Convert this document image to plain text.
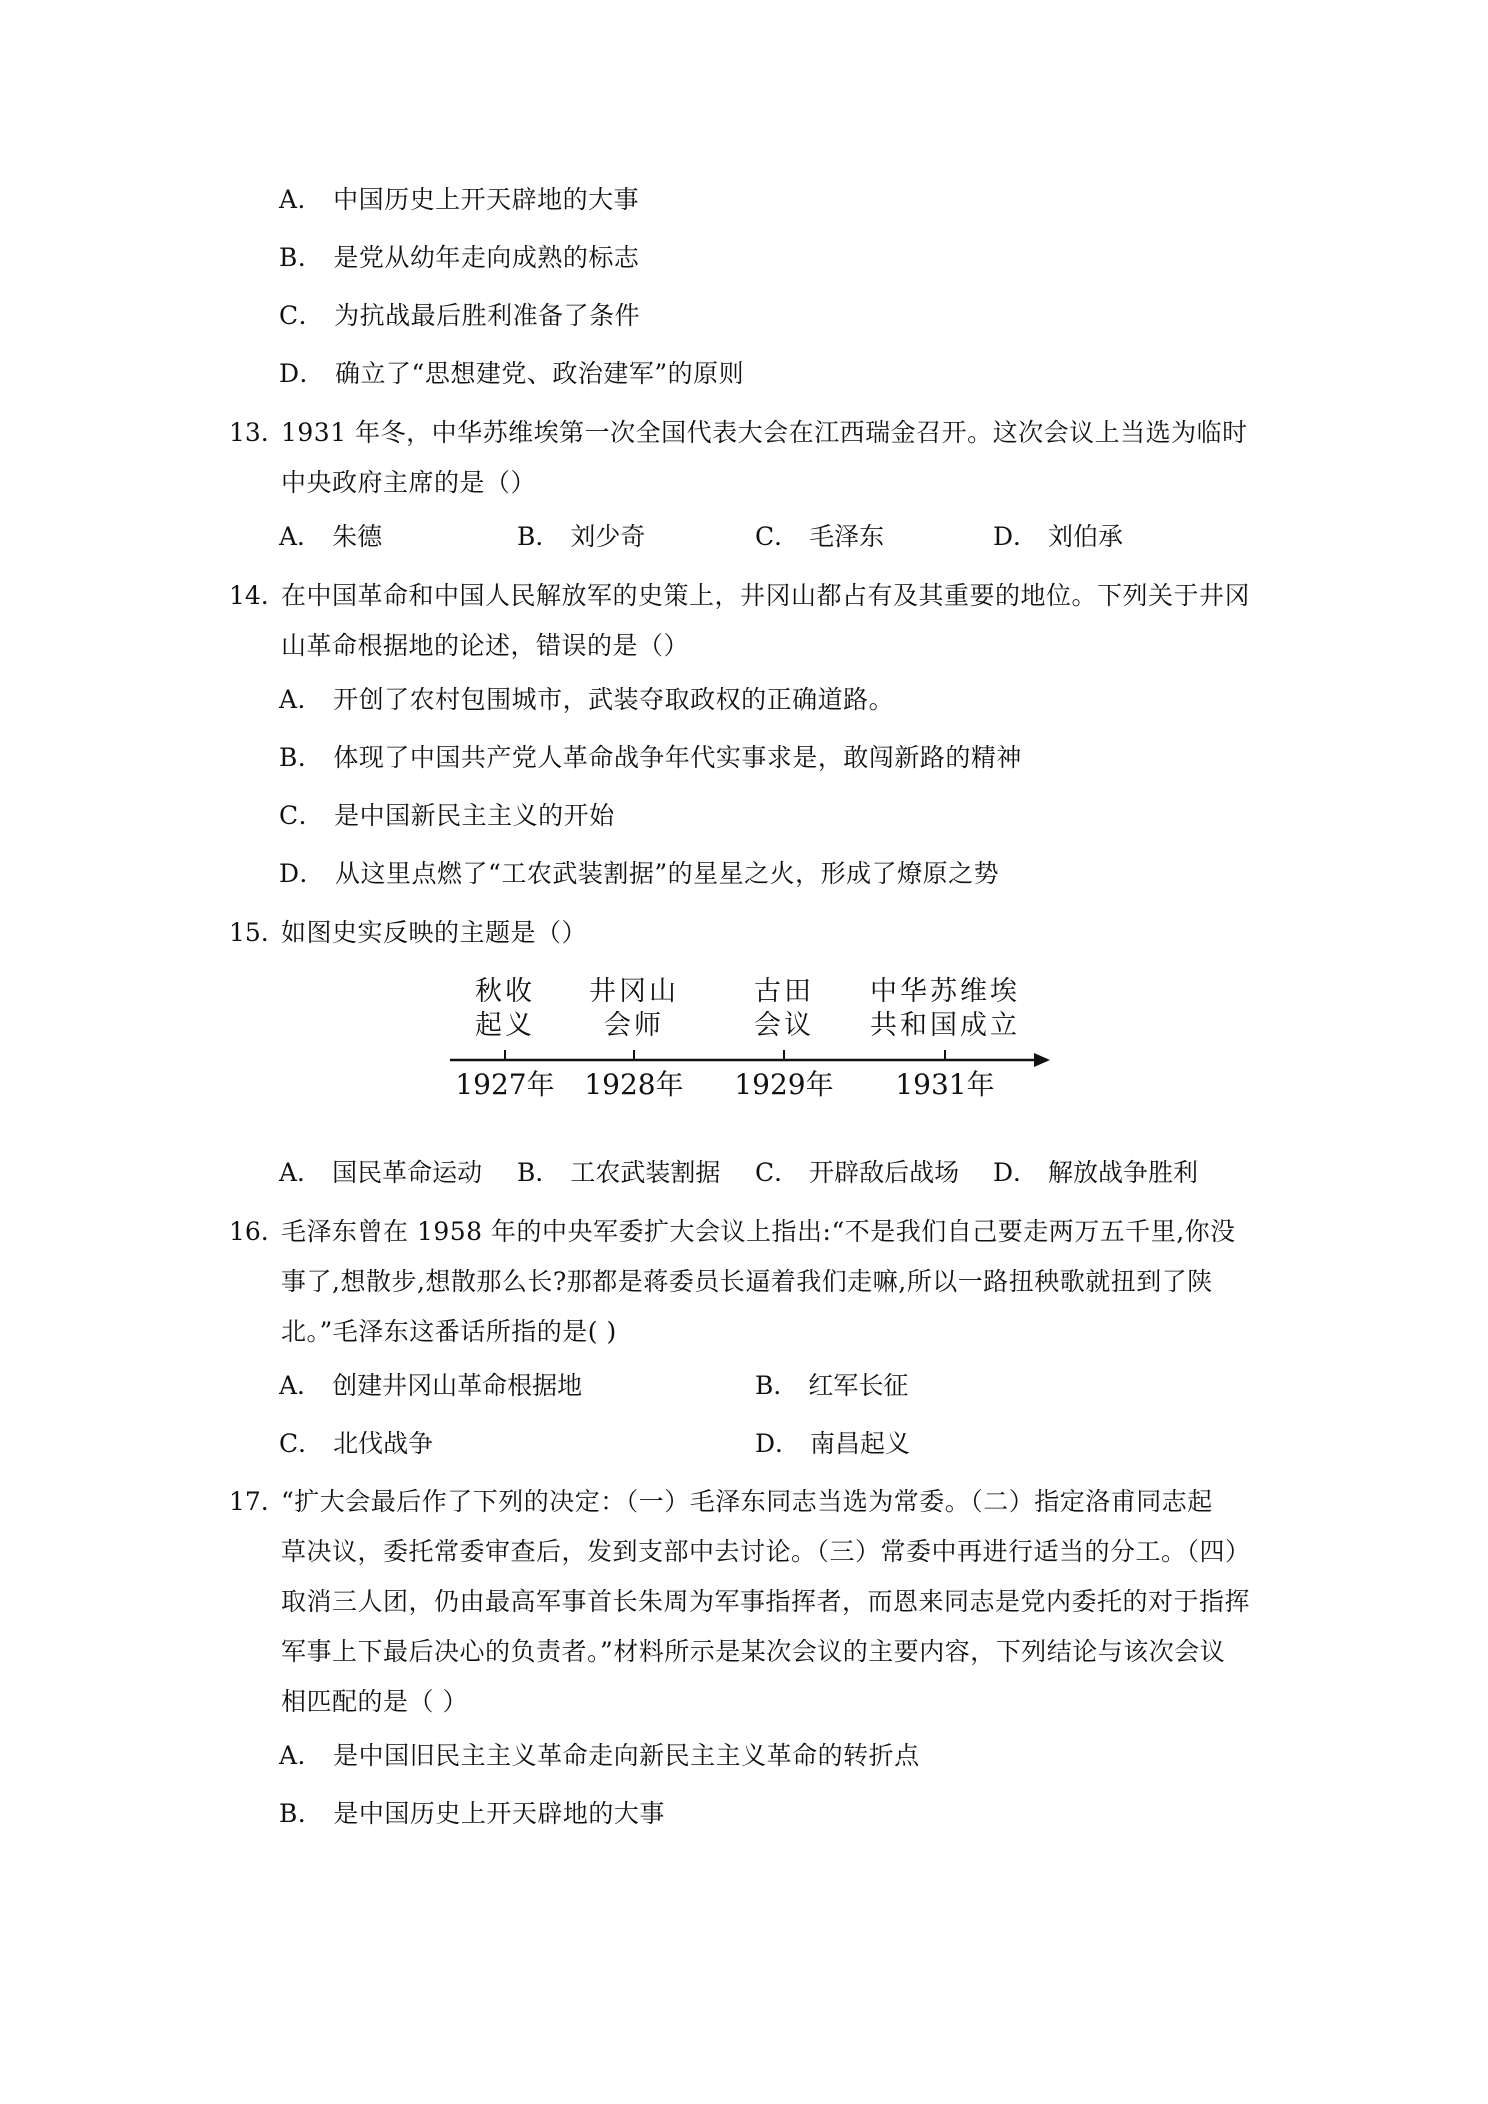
A． 中国历史上开天辟地的大事
B． 是党从幼年走向成熟的标志
C． 为抗战最后胜利准备了条件
D． 确立了“思想建党、政治建军”的原则
13. 1931 年冬，中华苏维埃第一次全国代表大会在江西瑞金召开。这次会议上当选为临时
中央政府主席的是（）
A． 朱德	B． 刘少奇	C． 毛泽东	D． 刘伯承
14. 在中国革命和中国人民解放军的史策上，井冈山都占有及其重要的地位。下列关于井冈
山革命根据地的论述，错误的是（）
A． 开创了农村包围城市，武装夺取政权的正确道路。
B． 体现了中国共产党人革命战争年代实事求是，敢闯新路的精神
C． 是中国新民主主义的开始
D． 从这里点燃了“工农武装割据”的星星之火，形成了燎原之势
15. 如图史实反映的主题是（）
秋收
起义
井冈山
会师
古田
会议
中华苏维埃
共和国成立
1927年 1928年 1929年 1931年
A． 国民革命运动 B． 工农武装割据 C． 开辟敌后战场 D． 解放战争胜利
16. 毛泽东曾在 1958 年的中央军委扩大会议上指出:“不是我们自己要走两万五千里,你没
事了,想散步,想散那么长?那都是蒋委员长逼着我们走嘛,所以一路扭秧歌就扭到了陕
北。”毛泽东这番话所指的是( )
A． 创建井冈山革命根据地	B． 红军长征
C． 北伐战争	D． 南昌起义
17. “扩大会最后作了下列的决定：（一）毛泽东同志当选为常委。（二）指定洛甫同志起
草决议，委托常委审查后，发到支部中去讨论。（三）常委中再进行适当的分工。（四）
取消三人团，仍由最高军事首长朱周为军事指挥者，而恩来同志是党内委托的对于指挥
军事上下最后决心的负责者。”材料所示是某次会议的主要内容，下列结论与该次会议
相匹配的是（ ）
A． 是中国旧民主主义革命走向新民主主义革命的转折点
B． 是中国历史上开天辟地的大事
